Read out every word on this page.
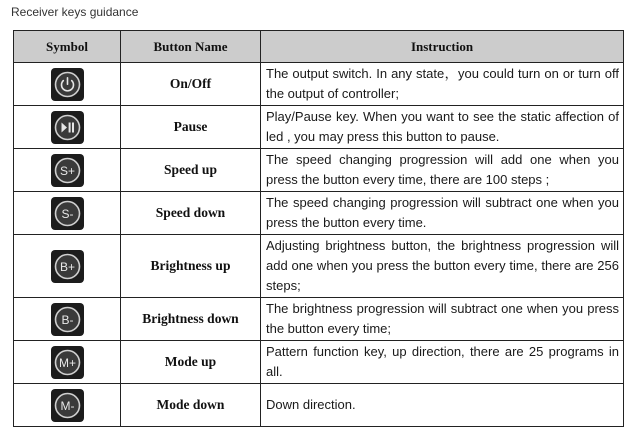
Receiver keys guidance
Symbol	Button Name	Instruction

	On/Off	The output switch. In any state，you could turn on or turn off the output of controller;

	Pause	Play/Pause key. When you want to see the static affection of led , you may press this button to pause.

S+	Speed up	The speed changing progression will add one when you press the button every time, there are 100 steps ;

S-	Speed down	The speed changing progression will subtract one when you press the button every time.

B+	Brightness up	Adjusting brightness button, the brightness progression will add one when you press the button every time, there are 256 steps;

B-	Brightness down	The brightness progression will subtract one when you press the button every time;

M+	Mode up	Pattern function key, up direction, there are 25 programs in all.

M-	Mode down	Down direction.
